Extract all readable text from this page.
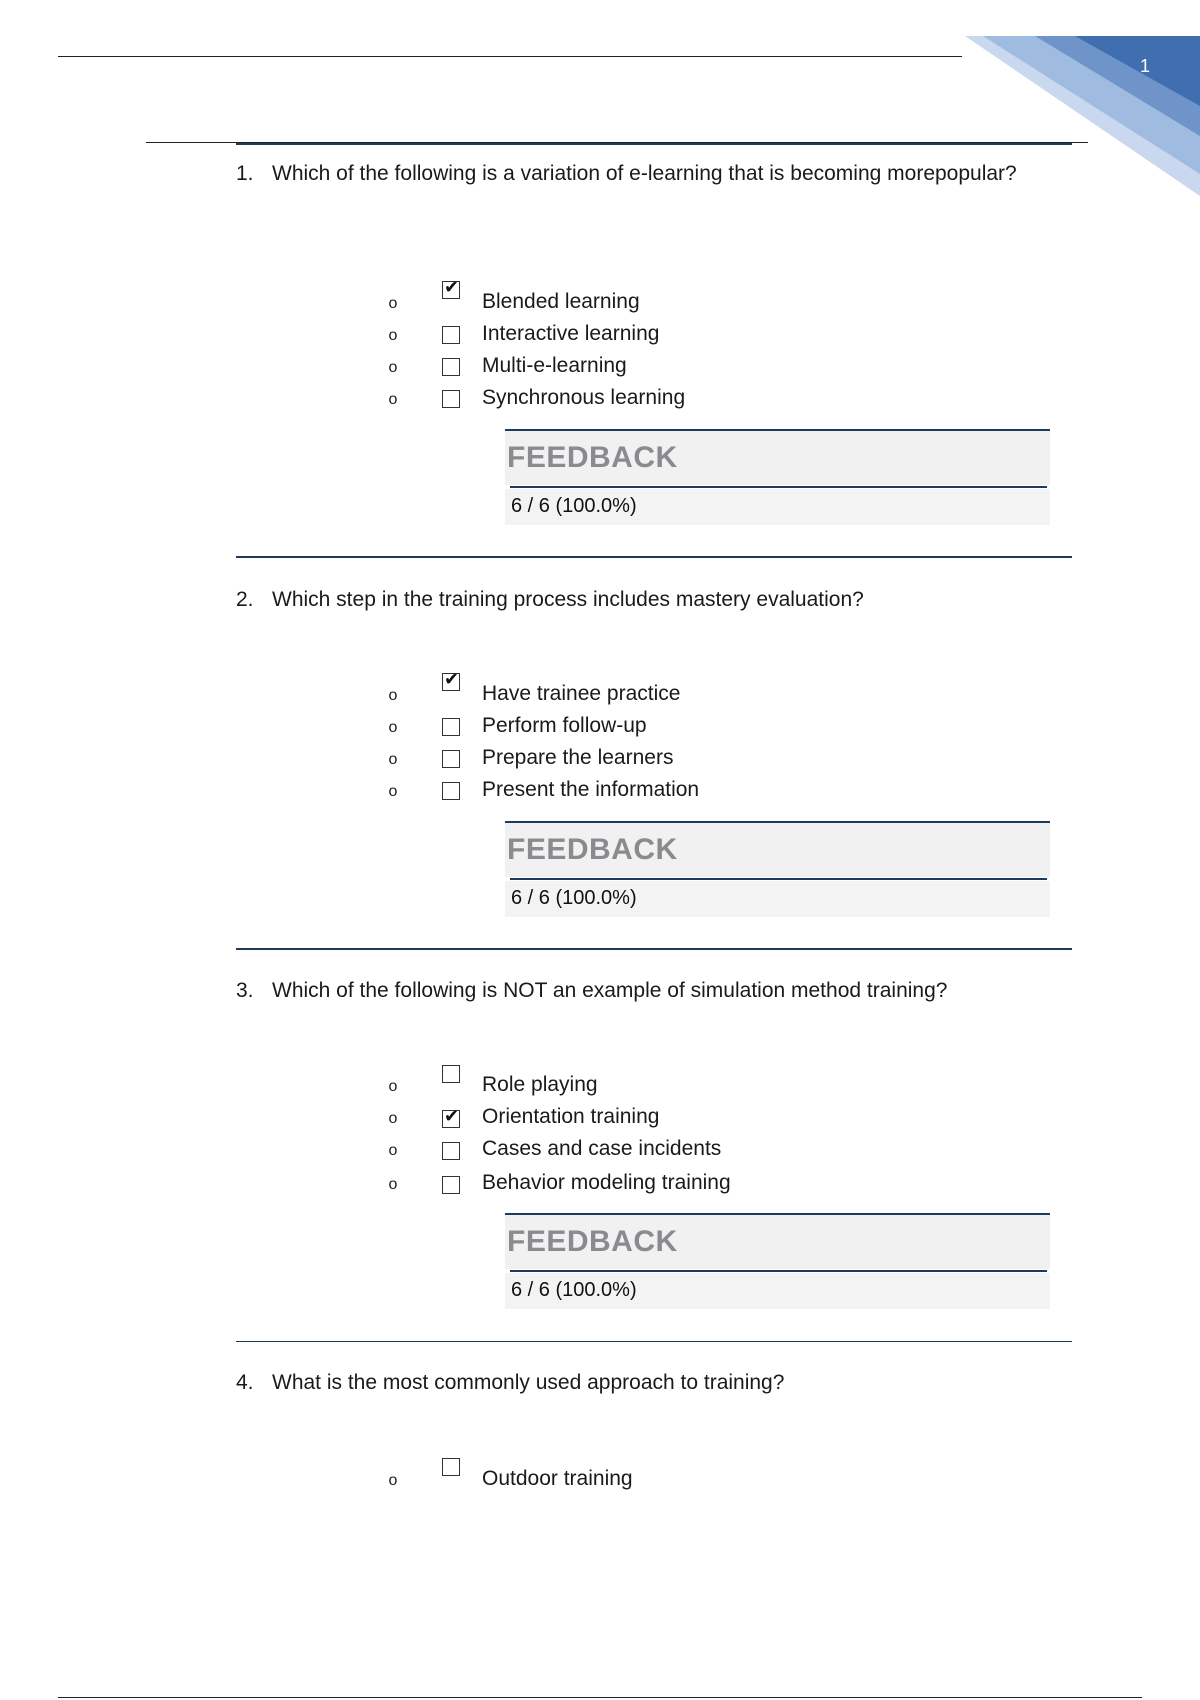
1
1. Which of the following is a variation of e-learning that is becoming morepopular?
o
✔
Blended learning
o	Interactive learning
o	Multi-e-learning
o	Synchronous learning
FEEDBACK
6 / 6 (100.0%)
2. Which step in the training process includes mastery evaluation?
o
✔
Have trainee practice
o	Perform follow-up
o	Prepare the learners
o	Present the information
FEEDBACK
6 / 6 (100.0%)
3. Which of the following is NOT an example of simulation method training?
o	Role playing
o	✔ Orientation training
o	Cases and case incidents
o	Behavior modeling training
FEEDBACK
6 / 6 (100.0%)
4. What is the most commonly used approach to training?
o	Outdoor training
